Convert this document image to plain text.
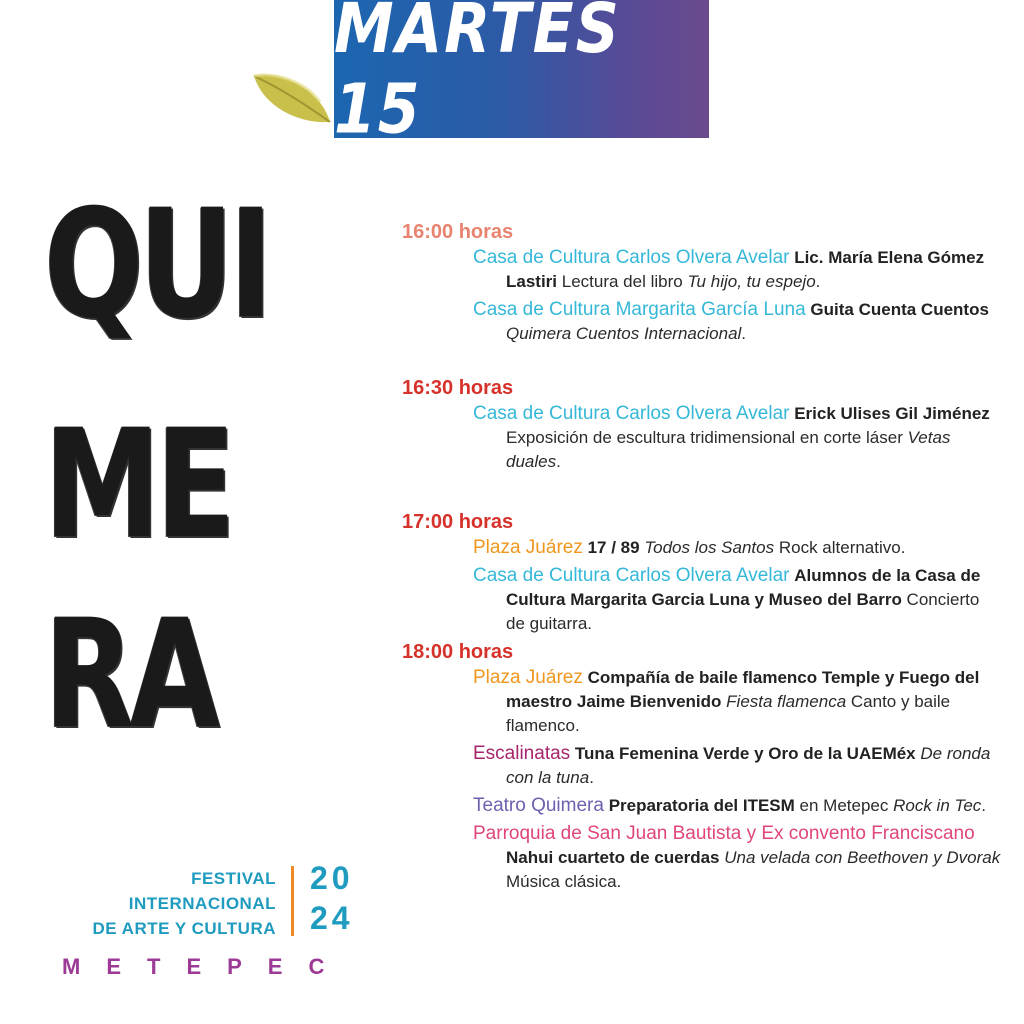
MARTES 15
QUI
ME
RA
FESTIVAL
INTERNACIONAL
DE ARTE Y CULTURA
20
24
METEPEC
16:00 horas
Casa de Cultura Carlos Olvera Avelar Lic. María Elena Gómez Lastiri Lectura del libro Tu hijo, tu espejo.
Casa de Cultura Margarita García Luna Guita Cuenta Cuentos Quimera Cuentos Internacional.
16:30 horas
Casa de Cultura Carlos Olvera Avelar Erick Ulises Gil Jiménez Exposición de escultura tridimensional en corte láser Vetas duales.
17:00 horas
Plaza Juárez 17 / 89 Todos los Santos Rock alternativo.
Casa de Cultura Carlos Olvera Avelar Alumnos de la Casa de Cultura Margarita Garcia Luna y Museo del Barro Concierto de guitarra.
18:00 horas
Plaza Juárez Compañía de baile flamenco Temple y Fuego del maestro Jaime Bienvenido Fiesta flamenca Canto y baile flamenco.
Escalinatas Tuna Femenina Verde y Oro de la UAEMéx De ronda con la tuna.
Teatro Quimera Preparatoria del ITESM en Metepec Rock in Tec.
Parroquia de San Juan Bautista y Ex convento Franciscano Nahui cuarteto de cuerdas Una velada con Beethoven y Dvorak Música clásica.
